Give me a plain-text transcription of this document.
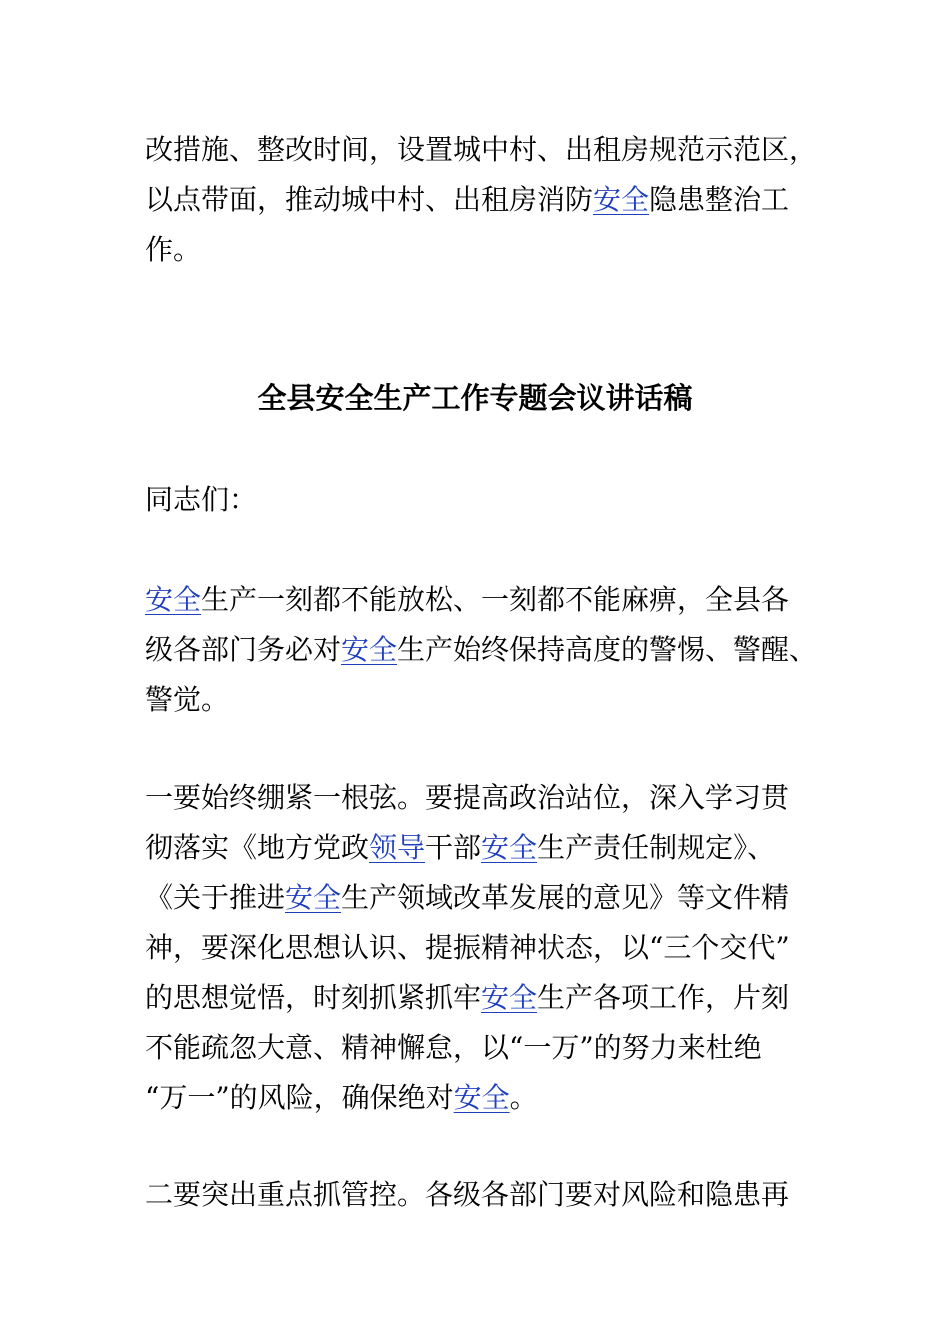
改措施、整改时间，设置城中村、出租房规范示范区，
以点带面，推动城中村、出租房消防安全隐患整治工
作。
全县安全生产工作专题会议讲话稿
同志们：
安全生产一刻都不能放松、一刻都不能麻痹，全县各
级各部门务必对安全生产始终保持高度的警惕、警醒、
警觉。
一要始终绷紧一根弦。要提高政治站位，深入学习贯
彻落实《地方党政领导干部安全生产责任制规定》、
《关于推进安全生产领域改革发展的意见》等文件精
神，要深化思想认识、提振精神状态，以“三个交代”
的思想觉悟，时刻抓紧抓牢安全生产各项工作，片刻
不能疏忽大意、精神懈怠，以“一万”的努力来杜绝
“万一”的风险，确保绝对安全。
二要突出重点抓管控。各级各部门要对风险和隐患再
